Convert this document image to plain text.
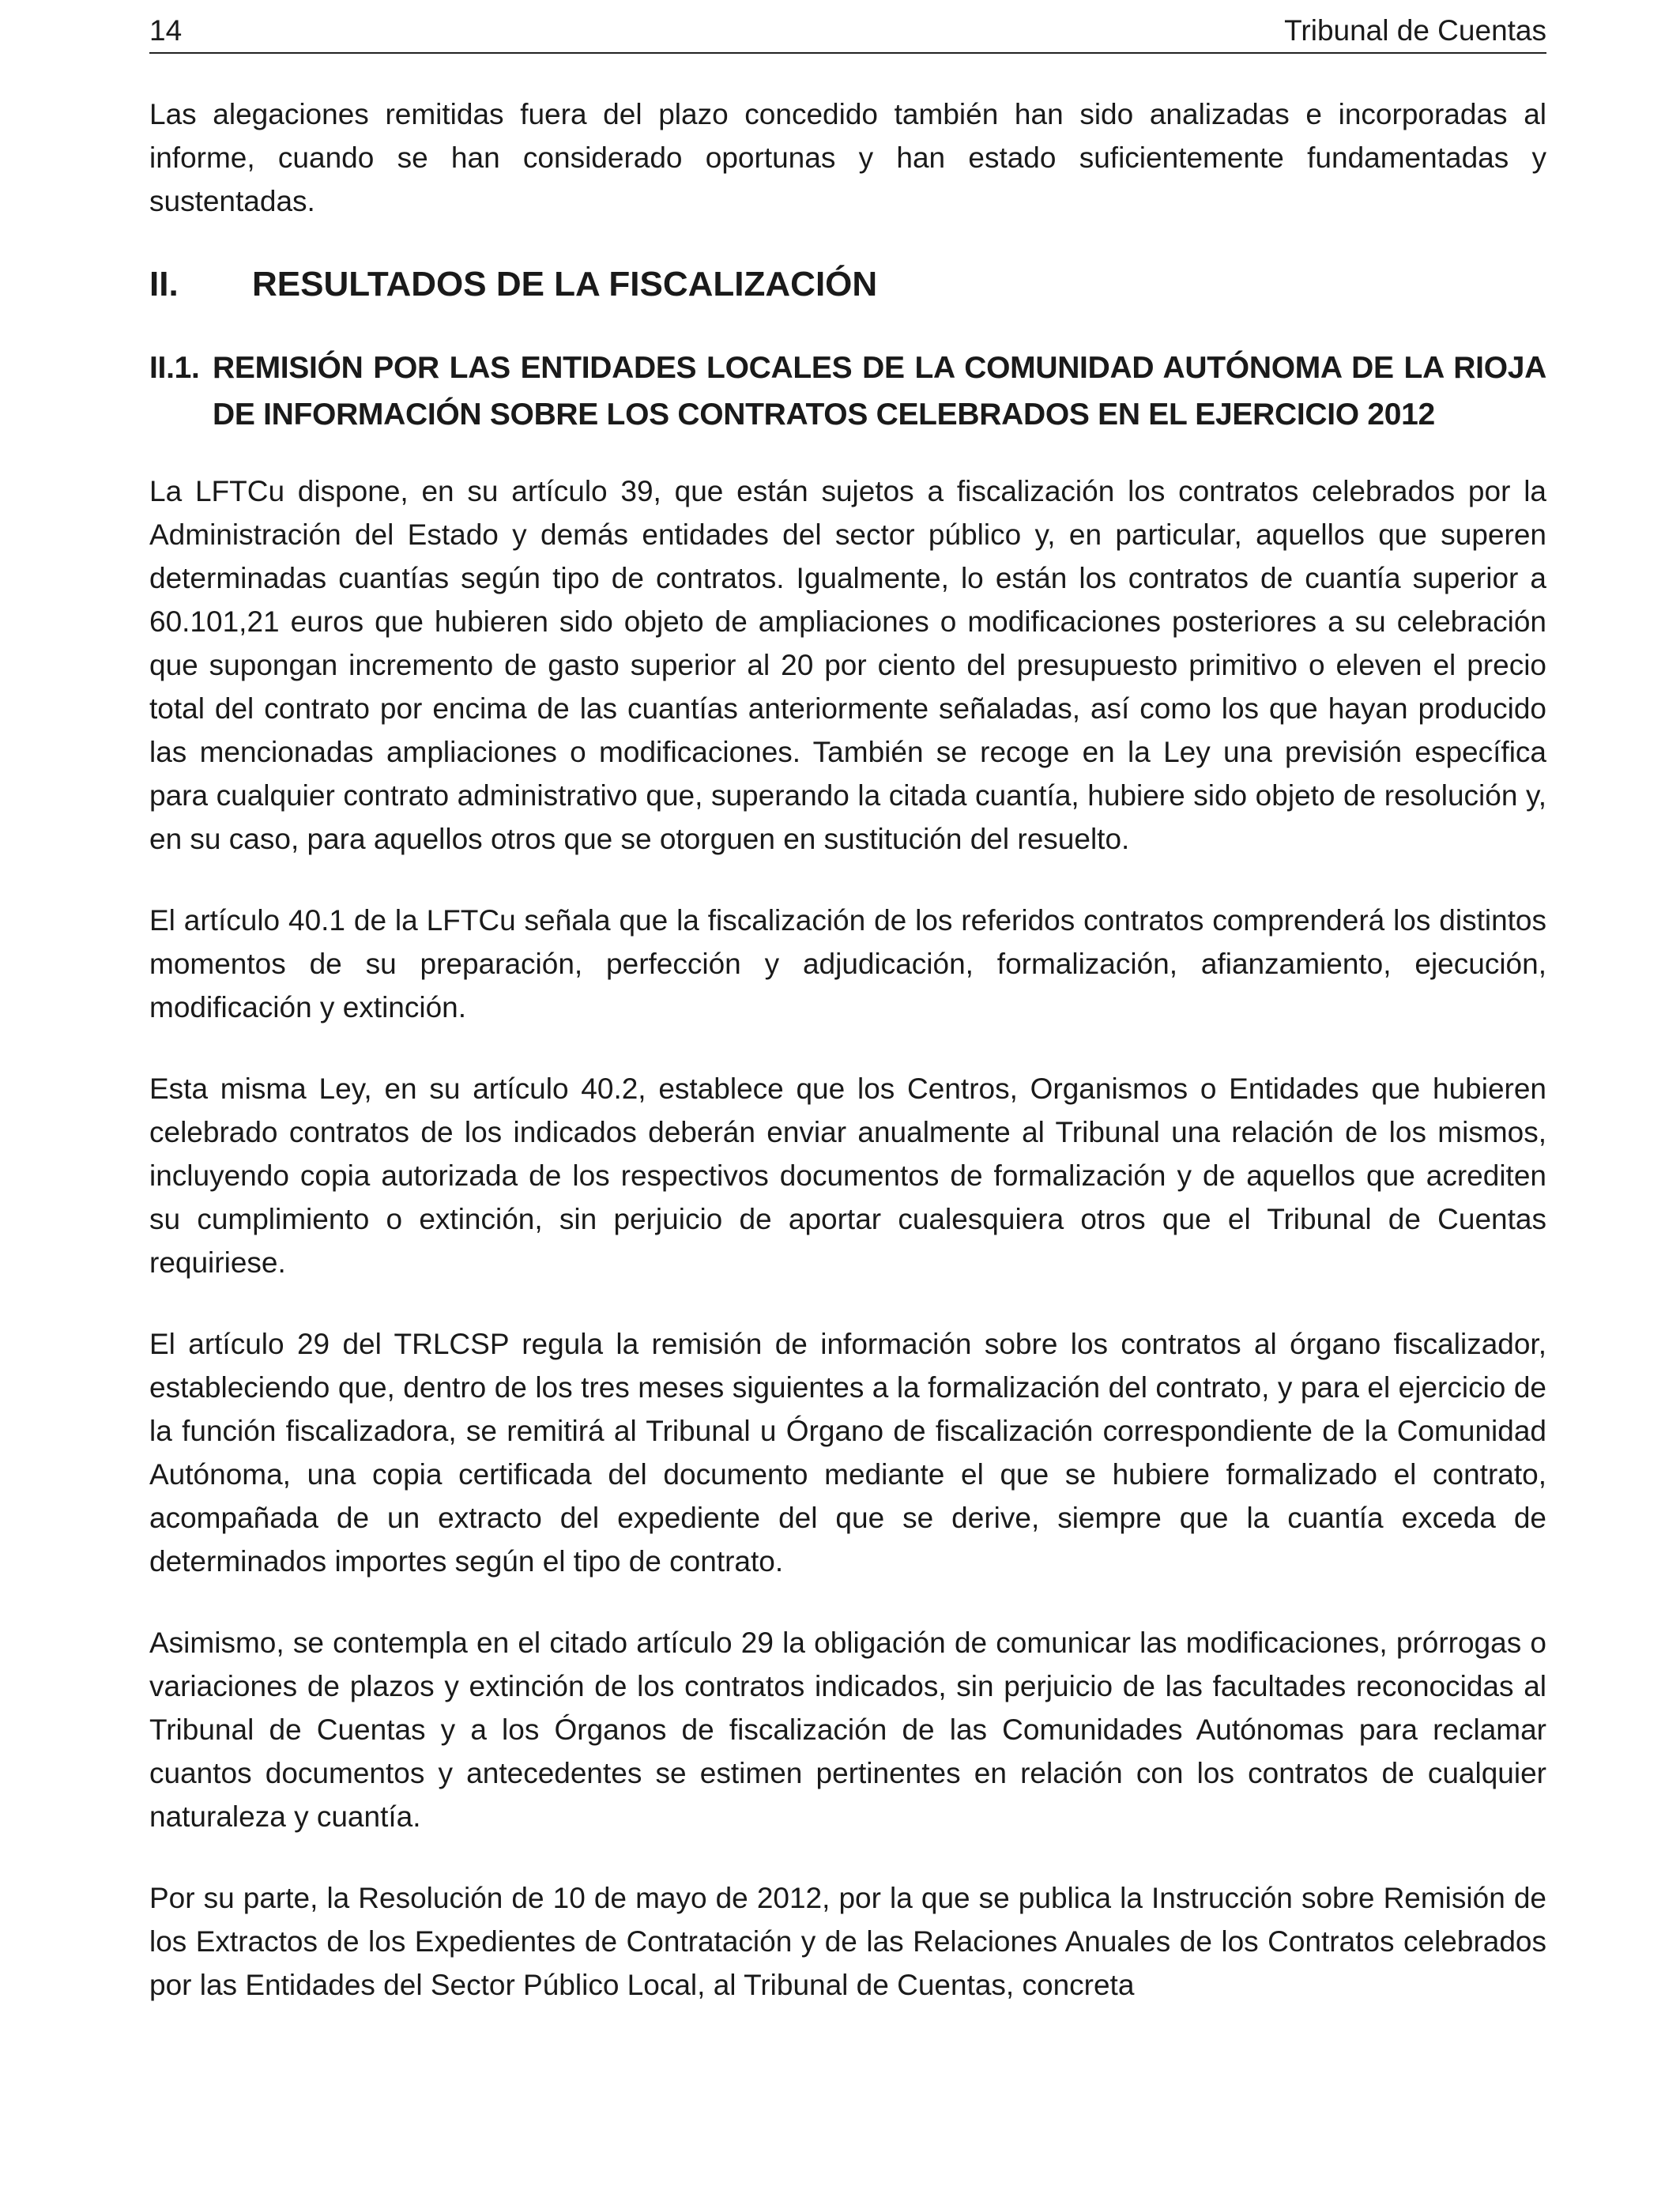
14	Tribunal de Cuentas

Las alegaciones remitidas fuera del plazo concedido también han sido analizadas e incorporadas al informe, cuando se han considerado oportunas y han estado suficientemente fundamentadas y sustentadas.

II.	RESULTADOS DE LA FISCALIZACIÓN
II.1. REMISIÓN POR LAS ENTIDADES LOCALES DE LA COMUNIDAD AUTÓNOMA DE LA RIOJA DE INFORMACIÓN SOBRE LOS CONTRATOS CELEBRADOS EN EL EJERCICIO 2012

La LFTCu dispone, en su artículo 39, que están sujetos a fiscalización los contratos celebrados por la Administración del Estado y demás entidades del sector público y, en particular, aquellos que superen determinadas cuantías según tipo de contratos. Igualmente, lo están los contratos de cuantía superior a 60.101,21 euros que hubieren sido objeto de ampliaciones o modificaciones posteriores a su celebración que supongan incremento de gasto superior al 20 por ciento del presupuesto primitivo o eleven el precio total del contrato por encima de las cuantías anteriormente señaladas, así como los que hayan producido las mencionadas ampliaciones o modificaciones. También se recoge en la Ley una previsión específica para cualquier contrato administrativo que, superando la citada cuantía, hubiere sido objeto de resolución y, en su caso, para aquellos otros que se otorguen en sustitución del resuelto.

El artículo 40.1 de la LFTCu señala que la fiscalización de los referidos contratos comprenderá los distintos momentos de su preparación, perfección y adjudicación, formalización, afianzamiento, ejecución, modificación y extinción.

Esta misma Ley, en su artículo 40.2, establece que los Centros, Organismos o Entidades que hubieren celebrado contratos de los indicados deberán enviar anualmente al Tribunal una relación de los mismos, incluyendo copia autorizada de los respectivos documentos de formalización y de aquellos que acrediten su cumplimiento o extinción, sin perjuicio de aportar cualesquiera otros que el Tribunal de Cuentas requiriese.

El artículo 29 del TRLCSP regula la remisión de información sobre los contratos al órgano fiscalizador, estableciendo que, dentro de los tres meses siguientes a la formalización del contrato, y para el ejercicio de la función fiscalizadora, se remitirá al Tribunal u Órgano de fiscalización correspondiente de la Comunidad Autónoma, una copia certificada del documento mediante el que se hubiere formalizado el contrato, acompañada de un extracto del expediente del que se derive, siempre que la cuantía exceda de determinados importes según el tipo de contrato.

Asimismo, se contempla en el citado artículo 29 la obligación de comunicar las modificaciones, prórrogas o variaciones de plazos y extinción de los contratos indicados, sin perjuicio de las facultades reconocidas al Tribunal de Cuentas y a los Órganos de fiscalización de las Comunidades Autónomas para reclamar cuantos documentos y antecedentes se estimen pertinentes en relación con los contratos de cualquier naturaleza y cuantía.

Por su parte, la Resolución de 10 de mayo de 2012, por la que se publica la Instrucción sobre Remisión de los Extractos de los Expedientes de Contratación y de las Relaciones Anuales de los Contratos celebrados por las Entidades del Sector Público Local, al Tribunal de Cuentas, concreta
